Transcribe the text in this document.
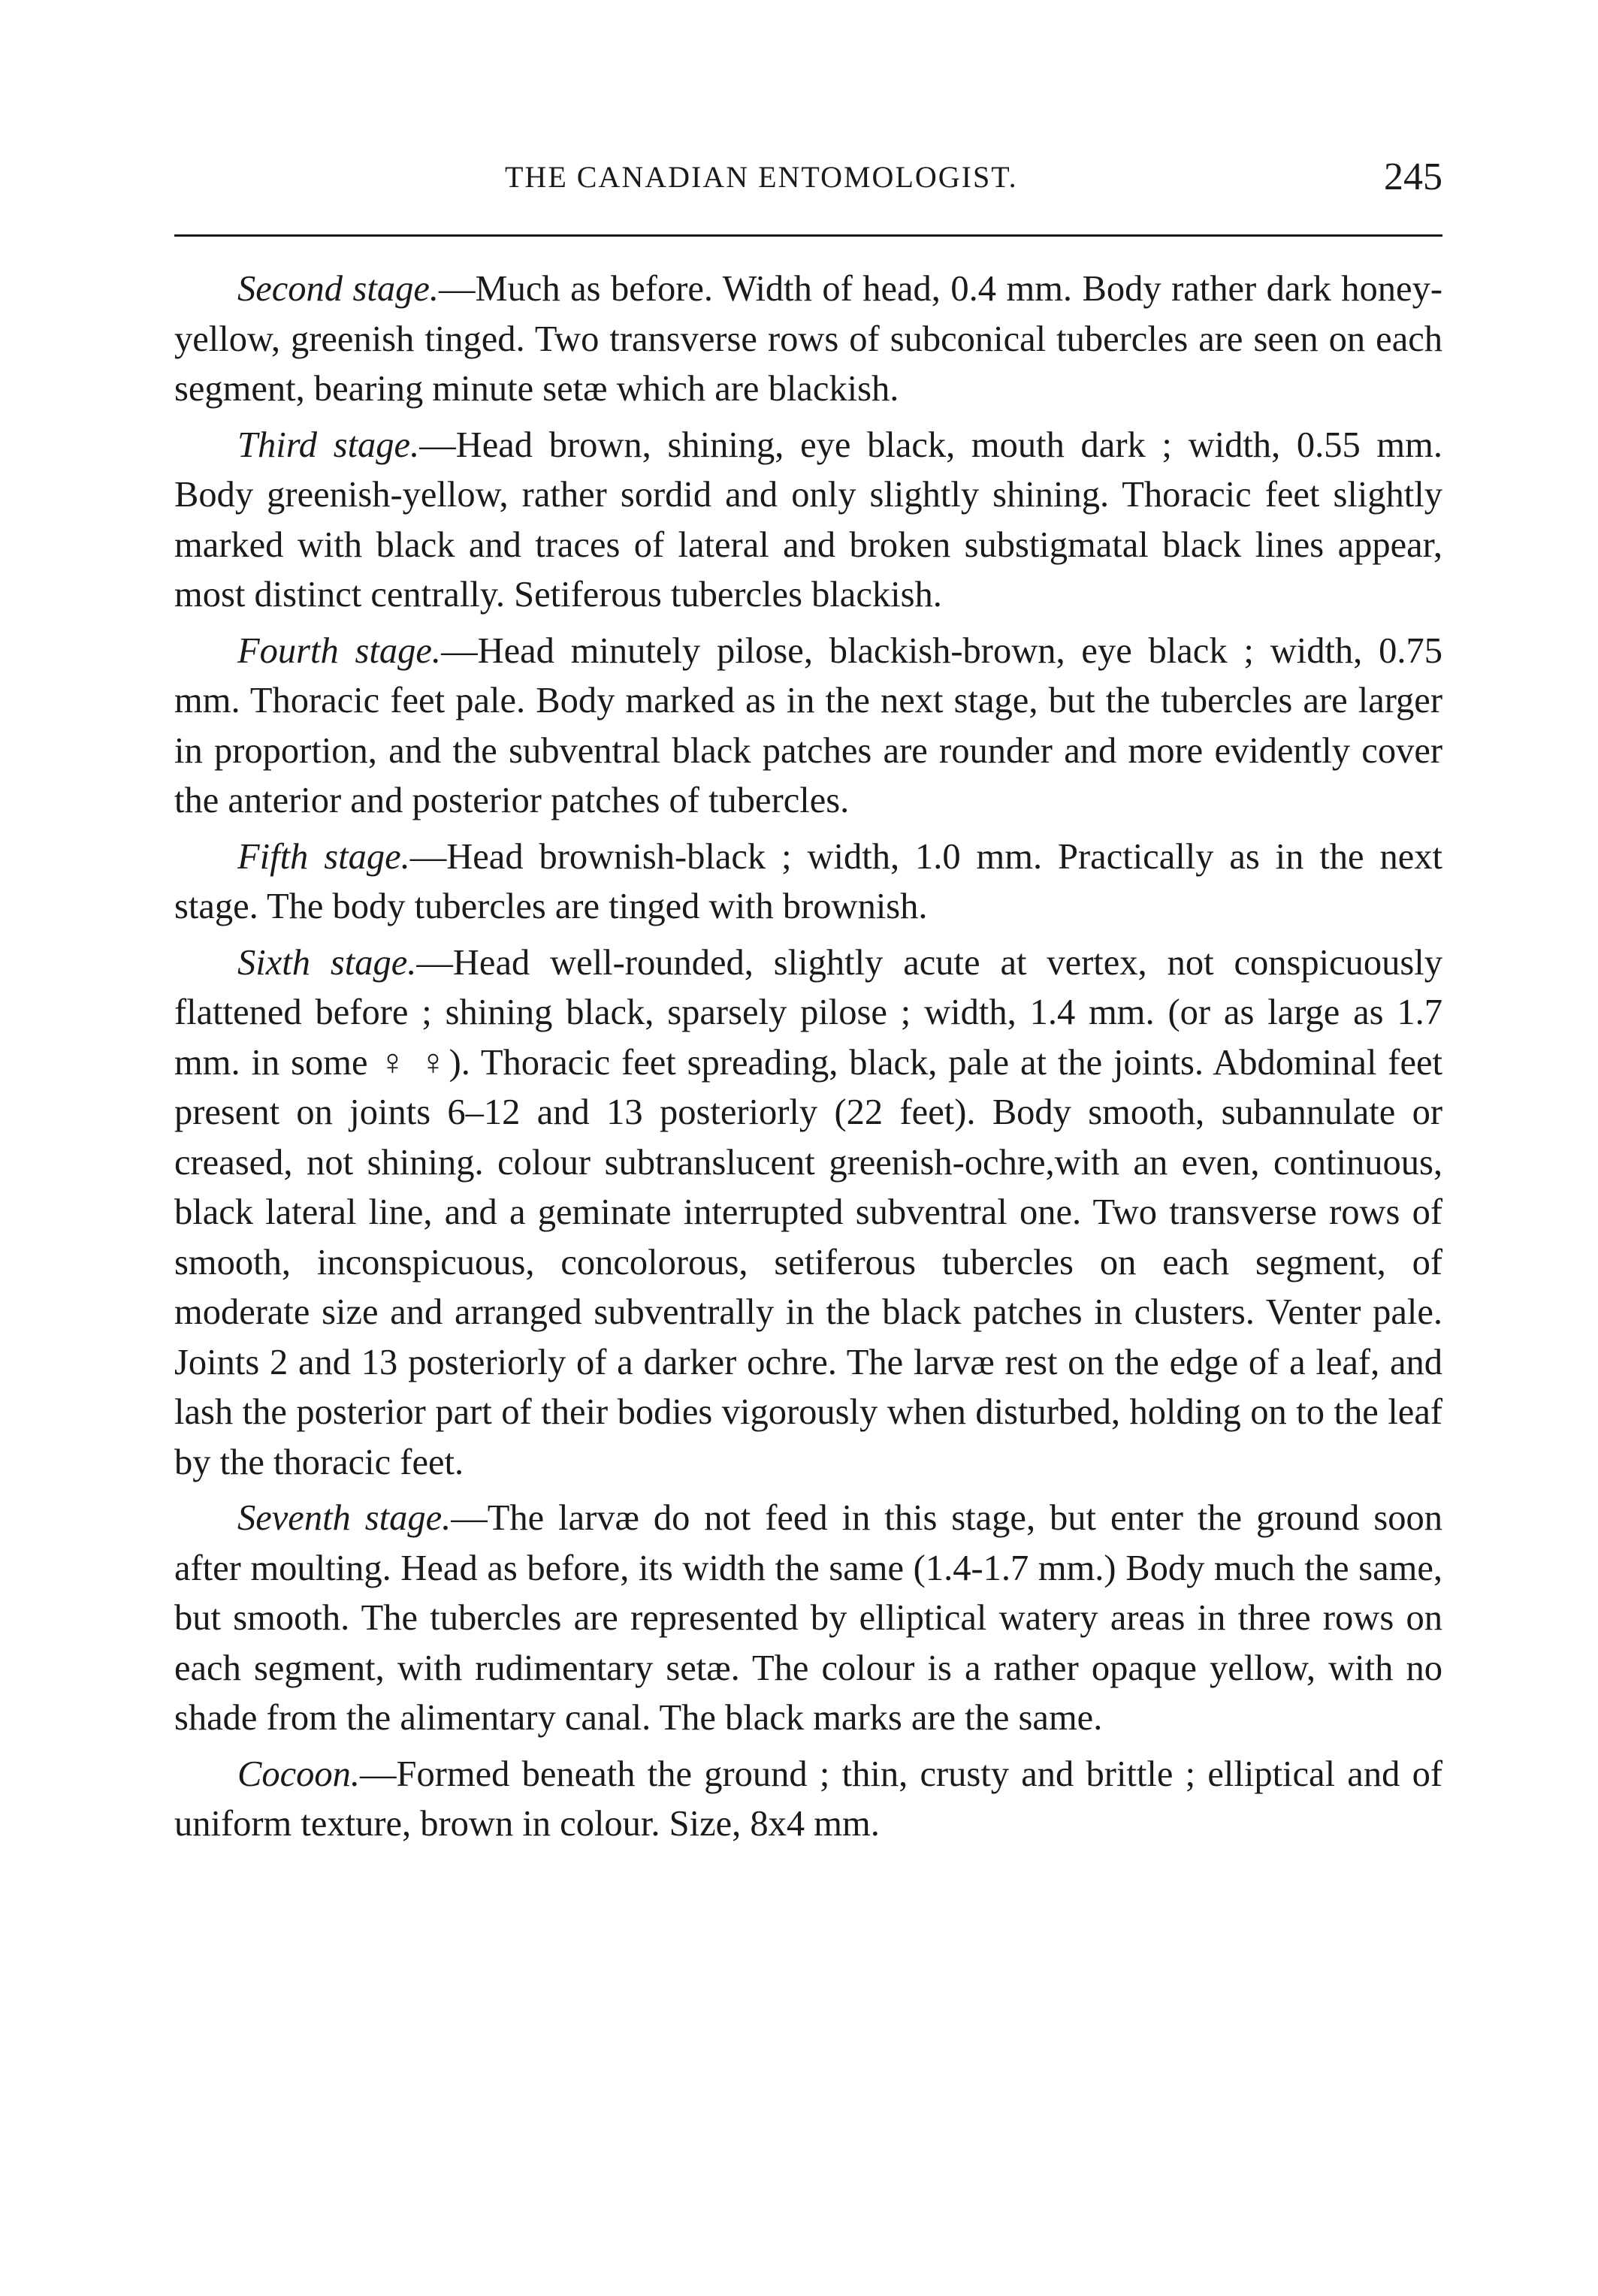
THE CANADIAN ENTOMOLOGIST.	245

Second stage.—Much as before. Width of head, 0.4 mm. Body rather dark honey-yellow, greenish tinged. Two transverse rows of subconical tubercles are seen on each segment, bearing minute setæ which are blackish.

Third stage.—Head brown, shining, eye black, mouth dark ; width, 0.55 mm. Body greenish-yellow, rather sordid and only slightly shining. Thoracic feet slightly marked with black and traces of lateral and broken substigmatal black lines appear, most distinct centrally. Setiferous tubercles blackish.

Fourth stage.—Head minutely pilose, blackish-brown, eye black ; width, 0.75 mm. Thoracic feet pale. Body marked as in the next stage, but the tubercles are larger in proportion, and the subventral black patches are rounder and more evidently cover the anterior and posterior patches of tubercles.

Fifth stage.—Head brownish-black ; width, 1.0 mm. Practically as in the next stage. The body tubercles are tinged with brownish.

Sixth stage.—Head well-rounded, slightly acute at vertex, not conspicuously flattened before ; shining black, sparsely pilose ; width, 1.4 mm. (or as large as 1.7 mm. in some ♀ ♀). Thoracic feet spreading, black, pale at the joints. Abdominal feet present on joints 6–12 and 13 posteriorly (22 feet). Body smooth, subannulate or creased, not shining. colour subtranslucent greenish-ochre,with an even, continuous, black lateral line, and a geminate interrupted subventral one. Two transverse rows of smooth, inconspicuous, concolorous, setiferous tubercles on each segment, of moderate size and arranged subventrally in the black patches in clusters. Venter pale. Joints 2 and 13 posteriorly of a darker ochre. The larvæ rest on the edge of a leaf, and lash the posterior part of their bodies vigorously when disturbed, holding on to the leaf by the thoracic feet.

Seventh stage.—The larvæ do not feed in this stage, but enter the ground soon after moulting. Head as before, its width the same (1.4-1.7 mm.) Body much the same, but smooth. The tubercles are represented by elliptical watery areas in three rows on each segment, with rudimentary setæ. The colour is a rather opaque yellow, with no shade from the alimentary canal. The black marks are the same.

Cocoon.—Formed beneath the ground ; thin, crusty and brittle ; elliptical and of uniform texture, brown in colour. Size, 8x4 mm.
